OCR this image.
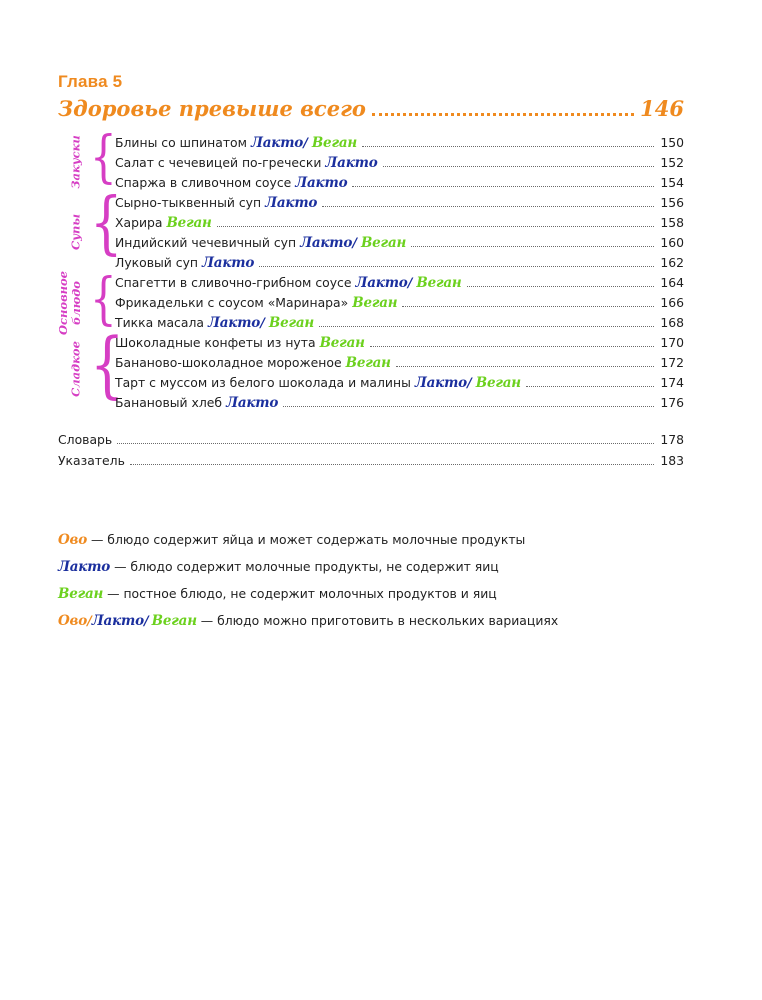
Глава 5
Здоровье превыше всего	146
Закуски
Супы
Основное блюдо
Сладкое
{
{
{
{
Блины со шпинатом Лакто / Веган	150
Салат с чечевицей по-гречески Лакто	152
Спаржа в сливочном соусе Лакто	154
Сырно-тыквенный суп Лакто	156
Харира Веган	158
Индийский чечевичный суп Лакто / Веган	160
Луковый суп Лакто	162
Спагетти в сливочно-грибном соусе Лакто / Веган	164
Фрикадельки с соусом «Маринара» Веган	166
Тикка масала Лакто / Веган	168
Шоколадные конфеты из нута Веган	170
Бананово-шоколадное мороженое Веган	172
Тарт с муссом из белого шоколада и малины Лакто / Веган	174
Банановый хлеб Лакто	176
Словарь	178
Указатель	183
Ово — блюдо содержит яйца и может содержать молочные продукты
Лакто — блюдо содержит молочные продукты, не содержит яиц
Веган — постное блюдо, не содержит молочных продуктов и яиц
Ово / Лакто / Веган — блюдо можно приготовить в нескольких вариациях
